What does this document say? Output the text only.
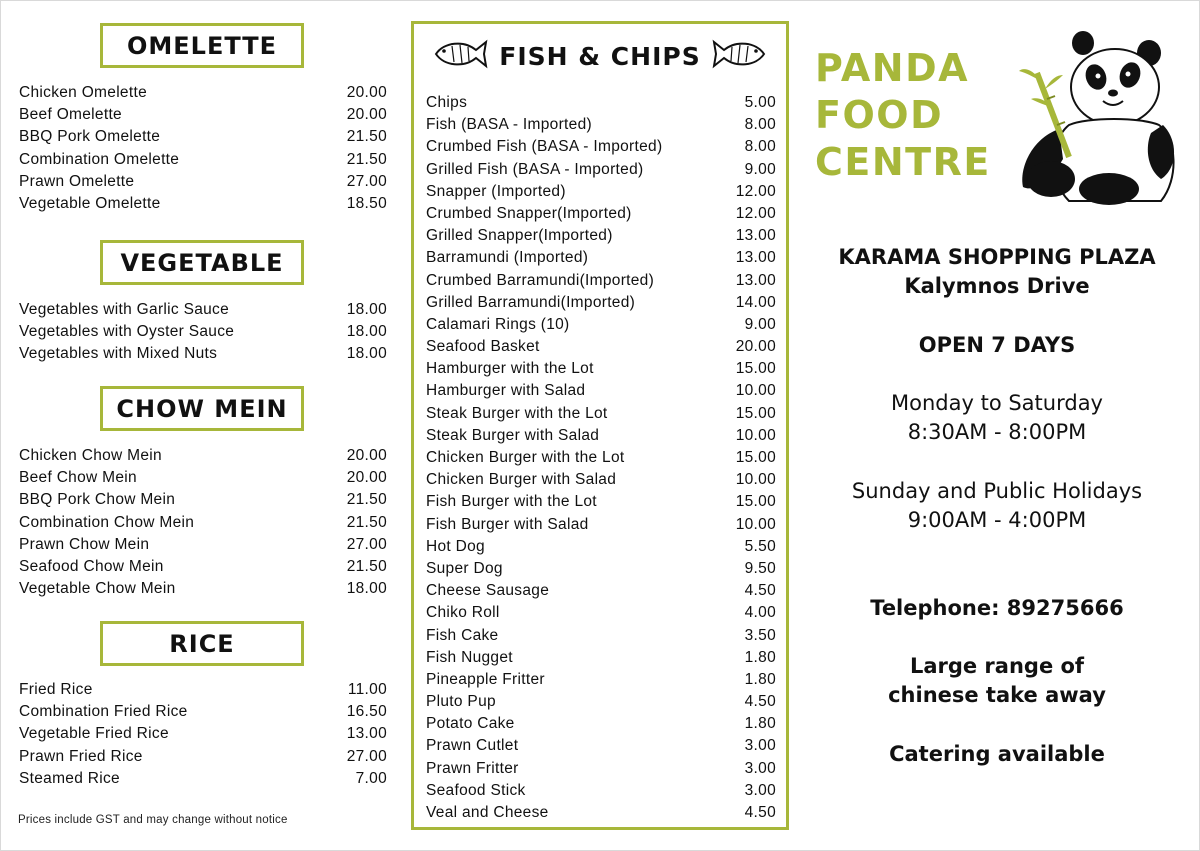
OMELETTE
Chicken Omelette	20.00
Beef Omelette	20.00
BBQ Pork Omelette	21.50
Combination Omelette	21.50
Prawn Omelette	27.00
Vegetable Omelette	18.50
VEGETABLE
Vegetables with Garlic Sauce	18.00
Vegetables with Oyster Sauce	18.00
Vegetables with Mixed Nuts	18.00
CHOW MEIN
Chicken Chow Mein	20.00
Beef Chow Mein	20.00
BBQ Pork Chow Mein	21.50
Combination Chow Mein	21.50
Prawn Chow Mein	27.00
Seafood Chow Mein	21.50
Vegetable Chow Mein	18.00
RICE
Fried Rice	11.00
Combination Fried Rice	16.50
Vegetable Fried Rice	13.00
Prawn Fried Rice	27.00
Steamed Rice	7.00
Prices include GST and may change without notice
FISH & CHIPS
Chips	5.00
Fish (BASA - Imported)	8.00
Crumbed Fish (BASA - Imported)	8.00
Grilled Fish (BASA - Imported)	9.00
Snapper (Imported)	12.00
Crumbed Snapper(Imported)	12.00
Grilled Snapper(Imported)	13.00
Barramundi (Imported)	13.00
Crumbed Barramundi(Imported)	13.00
Grilled Barramundi(Imported)	14.00
Calamari Rings (10)	9.00
Seafood Basket	20.00
Hamburger with the Lot	15.00
Hamburger with Salad	10.00
Steak Burger with the Lot	15.00
Steak Burger with Salad	10.00
Chicken Burger with the Lot	15.00
Chicken Burger with Salad	10.00
Fish Burger with the Lot	15.00
Fish Burger with Salad	10.00
Hot Dog	5.50
Super Dog	9.50
Cheese Sausage	4.50
Chiko Roll	4.00
Fish Cake	3.50
Fish Nugget	1.80
Pineapple Fritter	1.80
Pluto Pup	4.50
Potato Cake	1.80
Prawn Cutlet	3.00
Prawn Fritter	3.00
Seafood Stick	3.00
Veal and Cheese	4.50
PANDA
FOOD
CENTRE
KARAMA SHOPPING PLAZA
Kalymnos Drive
OPEN 7 DAYS
Monday to Saturday
8:30AM - 8:00PM
Sunday and Public Holidays
9:00AM - 4:00PM
Telephone: 89275666
Large range of
chinese take away
Catering available
